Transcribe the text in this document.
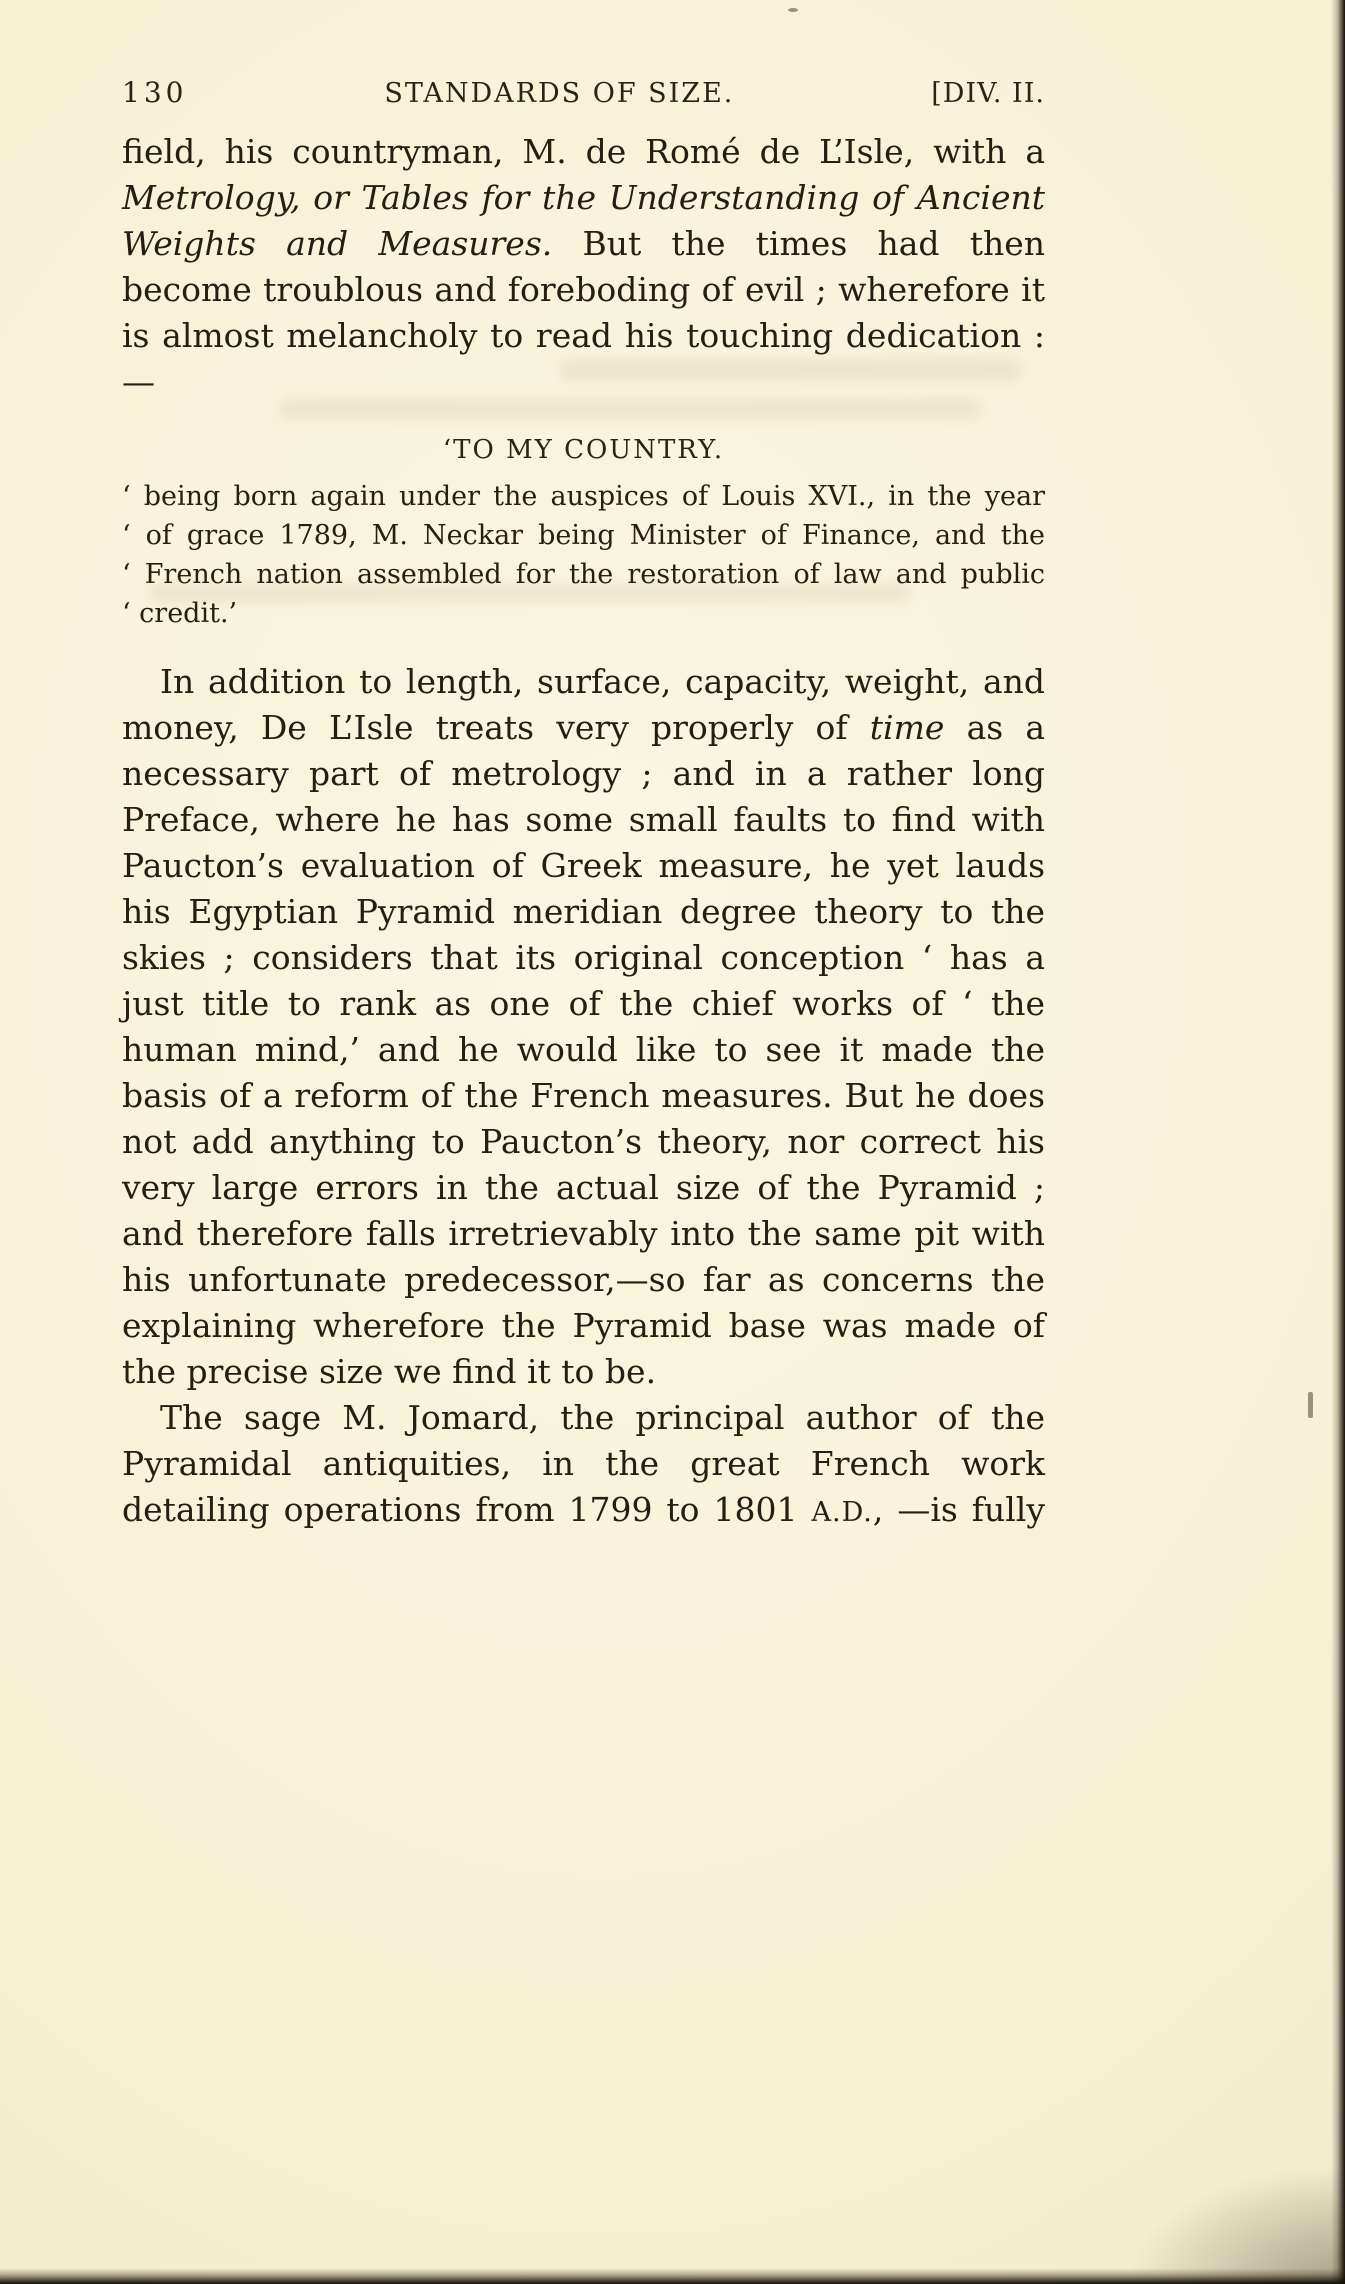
130	STANDARDS OF SIZE.	[DIV. II.

field, his countryman, M. de Romé de L’Isle, with a Metrology, or Tables for the Understanding of Ancient Weights and Measures. But the times had then become troublous and foreboding of evil ; wherefore it is almost melancholy to read his touching dedication :—

‘TO MY COUNTRY.
‘ being born again under the auspices of Louis XVI., in the year
‘ of grace 1789, M. Neckar being Minister of Finance, and the
‘ French nation assembled for the restoration of law and public
‘ credit.’

In addition to length, surface, capacity, weight, and money, De L’Isle treats very properly of time as a necessary part of metrology ; and in a rather long Preface, where he has some small faults to find with Paucton’s evaluation of Greek measure, he yet lauds his Egyptian Pyramid meridian degree theory to the skies ; considers that its original conception ‘ has a just title to rank as one of the chief works of ‘ the human mind,’ and he would like to see it made the basis of a reform of the French measures. But he does not add anything to Paucton’s theory, nor correct his very large errors in the actual size of the Pyramid ; and therefore falls irretrievably into the same pit with his unfortunate predecessor,—so far as concerns the explaining wherefore the Pyramid base was made of the precise size we find it to be.

The sage M. Jomard, the principal author of the Pyramidal antiquities, in the great French work detailing operations from 1799 to 1801 A.D., —is fully
